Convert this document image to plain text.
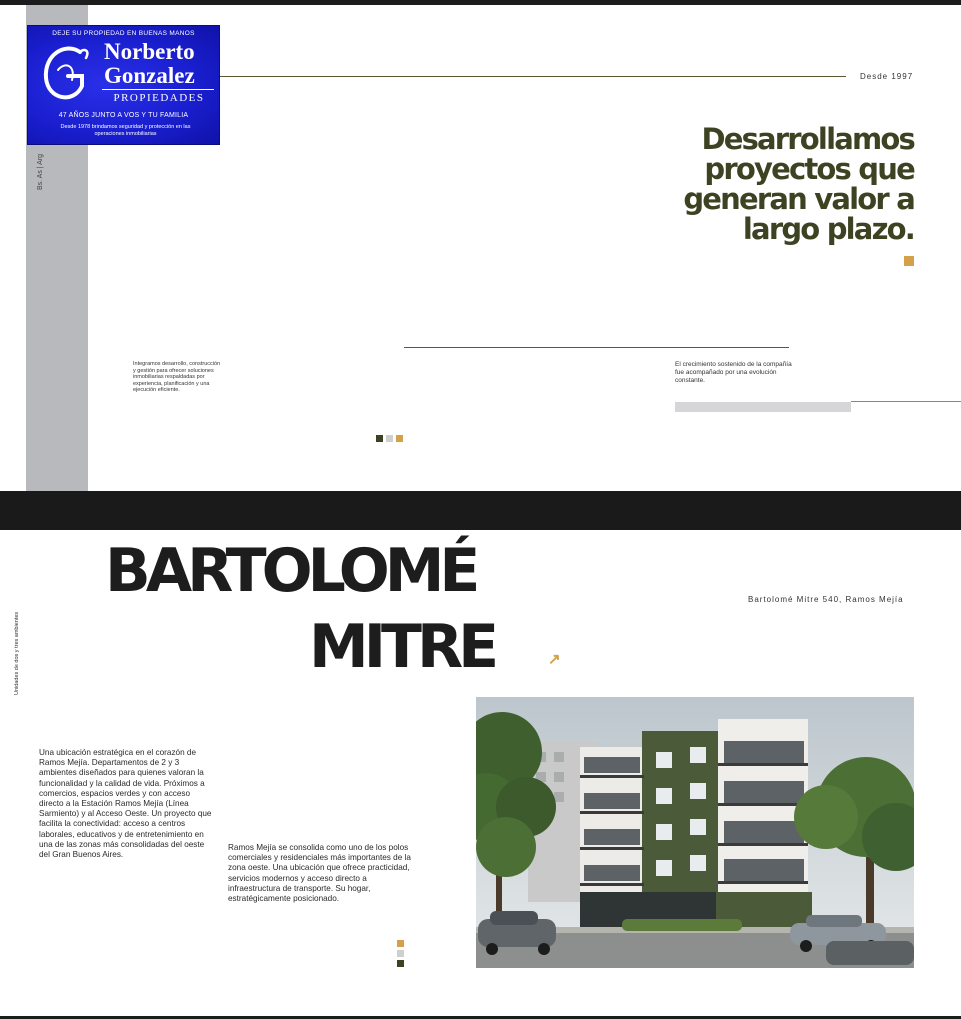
Bs. As | Arg
DEJE SU PROPIEDAD EN BUENAS MANOS
Norberto
Gonzalez
PROPIEDADES
47 AÑOS JUNTO A VOS Y TU FAMILIA
Desde 1978 brindamos seguridad y protección en las operaciones inmobiliarias
Desde 1997
Desarrollamos proyectos que generan valor a largo plazo.
Integramos desarrollo, construcción y gestión para ofrecer soluciones inmobiliarias respaldadas por experiencia, planificación y una ejecución eficiente.
El crecimiento sostenido de la compañía fue acompañado por una evolución constante.
BARTOLOMÉ
MITRE
Bartolomé Mitre 540, Ramos Mejía
↗
Unidades de dos y tres ambientes
Una ubicación estratégica en el corazón de Ramos Mejía. Departamentos de 2 y 3 ambientes diseñados para quienes valoran la funcionalidad y la calidad de vida. Próximos a comercios, espacios verdes y con acceso directo a la Estación Ramos Mejía (Línea Sarmiento) y al Acceso Oeste. Un proyecto que facilita la conectividad: acceso a centros laborales, educativos y de entretenimiento en una de las zonas más consolidadas del oeste del Gran Buenos Aires.
Ramos Mejía se consolida como uno de los polos comerciales y residenciales más importantes de la zona oeste. Una ubicación que ofrece practicidad, servicios modernos y acceso directo a infraestructura de transporte. Su hogar, estratégicamente posicionado.
